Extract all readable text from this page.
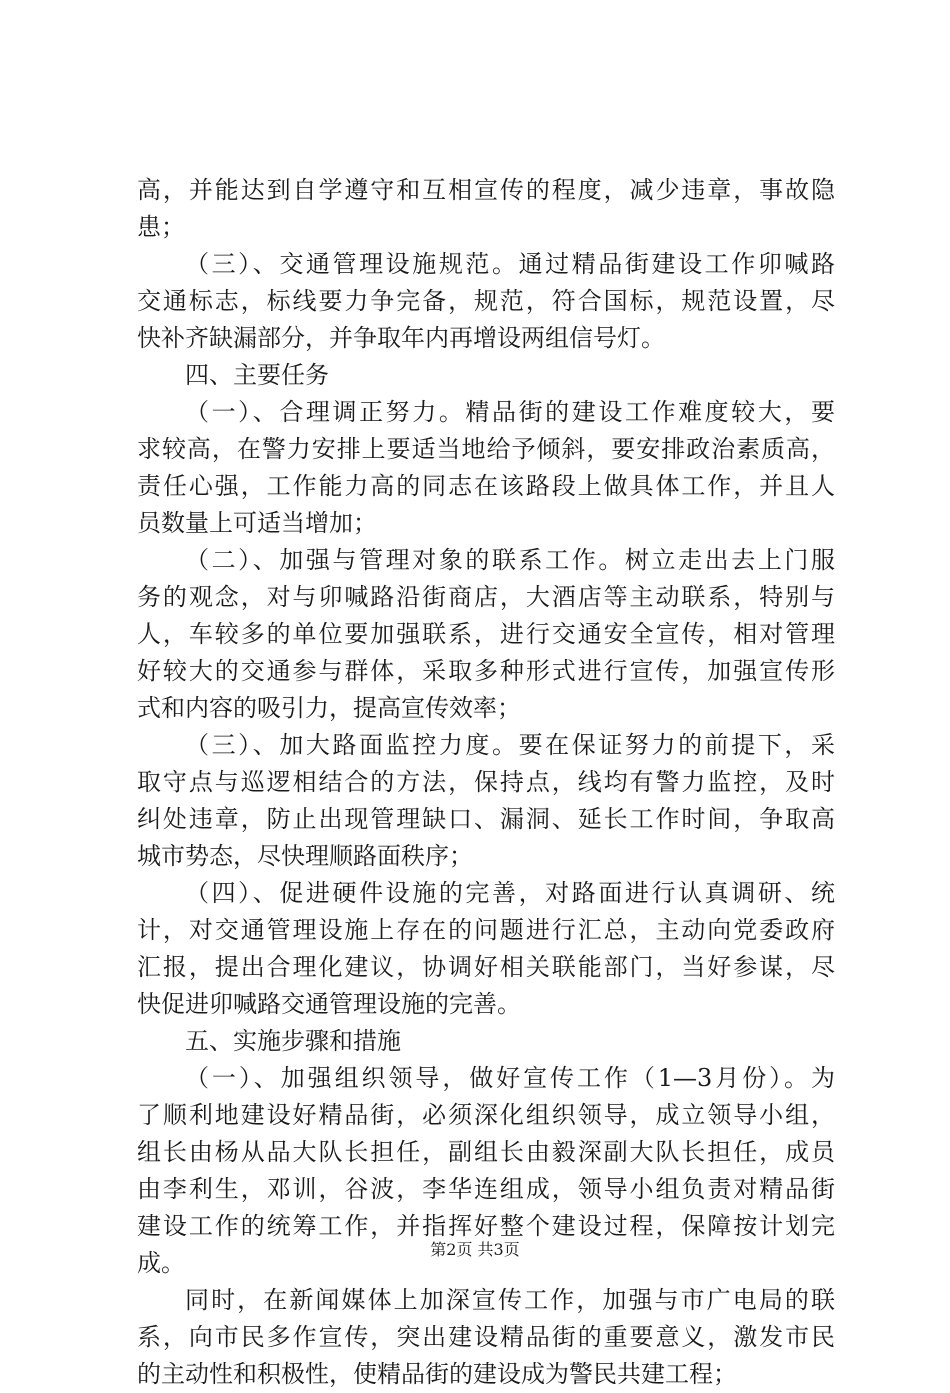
高，并能达到自学遵守和互相宣传的程度，减少违章，事故隐
患；
（三）、交通管理设施规范。通过精品街建设工作卯喊路
交通标志，标线要力争完备，规范，符合国标，规范设置，尽
快补齐缺漏部分，并争取年内再增设两组信号灯。
四、主要任务
（一）、合理调正努力。精品街的建设工作难度较大，要
求较高，在警力安排上要适当地给予倾斜，要安排政治素质高，
责任心强，工作能力高的同志在该路段上做具体工作，并且人
员数量上可适当增加；
（二）、加强与管理对象的联系工作。树立走出去上门服
务的观念，对与卯喊路沿街商店，大酒店等主动联系，特别与
人，车较多的单位要加强联系，进行交通安全宣传，相对管理
好较大的交通参与群体，采取多种形式进行宣传，加强宣传形
式和内容的吸引力，提高宣传效率；
（三）、加大路面监控力度。要在保证努力的前提下，采
取守点与巡逻相结合的方法，保持点，线均有警力监控，及时
纠处违章，防止出现管理缺口、漏洞、延长工作时间，争取高
城市势态，尽快理顺路面秩序；
（四）、促进硬件设施的完善，对路面进行认真调研、统
计，对交通管理设施上存在的问题进行汇总，主动向党委政府
汇报，提出合理化建议，协调好相关联能部门，当好参谋，尽
快促进卯喊路交通管理设施的完善。
五、实施步骤和措施
（一）、加强组织领导，做好宣传工作（1—3月份）。为
了顺利地建设好精品街，必须深化组织领导，成立领导小组，
组长由杨从品大队长担任，副组长由毅深副大队长担任，成员
由李利生，邓训，谷波，李华连组成，领导小组负责对精品街
建设工作的统筹工作，并指挥好整个建设过程，保障按计划完
成。
同时，在新闻媒体上加深宣传工作，加强与市广电局的联
系，向市民多作宣传，突出建设精品街的重要意义，激发市民
的主动性和积极性，使精品街的建设成为警民共建工程；
第2页 共3页
